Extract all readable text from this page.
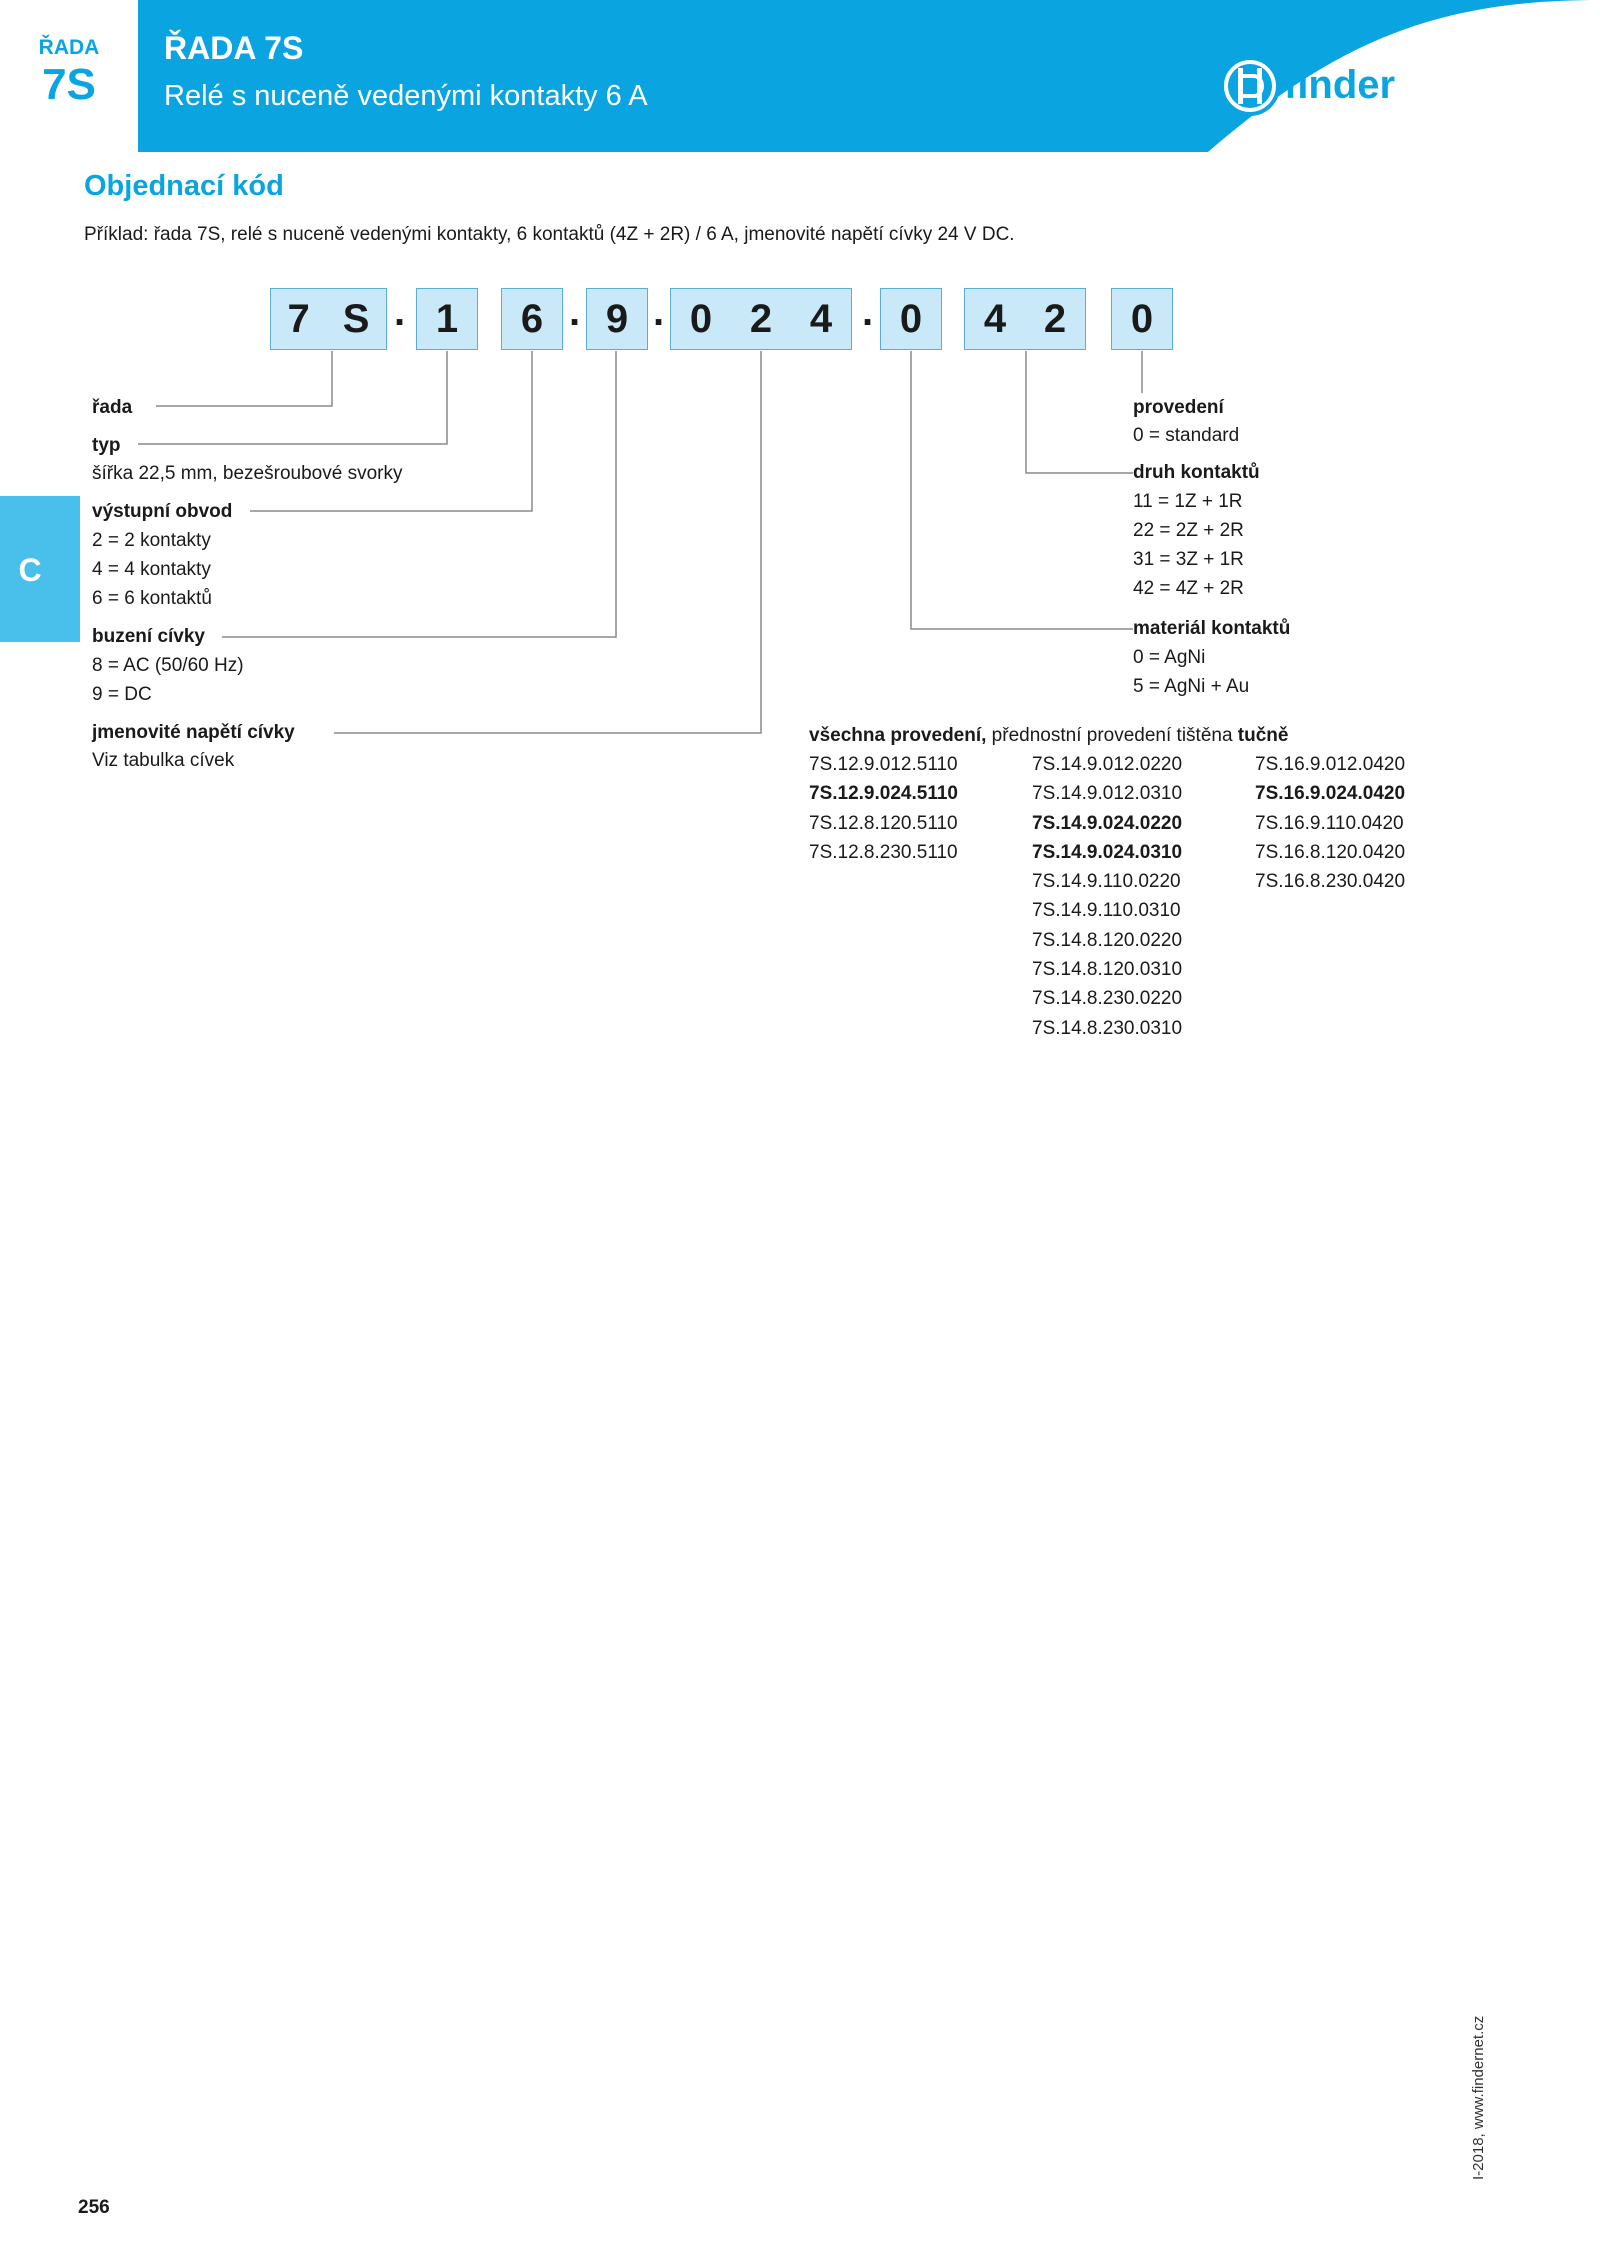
ŘADA
7S
ŘADA 7S
Relé s nuceně vedenými kontakty 6 A	finder
C
Objednací kód
Příklad: řada 7S, relé s nuceně vedenými kontakty, 6 kontaktů (4Z + 2R) / 6 A, jmenovité napětí cívky 24 V DC.
7 S . 1 6 . 9 . 0 2 4 . 0 4 2 0
řada
typ
šířka 22,5 mm, bezešroubové svorky
výstupní obvod
2 = 2 kontakty
4 = 4 kontakty
6 = 6 kontaktů
buzení cívky
8 = AC (50/60 Hz)
9 = DC
jmenovité napětí cívky
Viz tabulka cívek
provedení
0 = standard
druh kontaktů
11 = 1Z + 1R
22 = 2Z + 2R
31 = 3Z + 1R
42 = 4Z + 2R
materiál kontaktů
0 = AgNi
5 = AgNi + Au
všechna provedení, přednostní provedení tištěna tučně
7S.12.9.012.5110
7S.12.9.024.5110
7S.12.8.120.5110
7S.12.8.230.5110
7S.14.9.012.0220
7S.14.9.012.0310
7S.14.9.024.0220
7S.14.9.024.0310
7S.14.9.110.0220
7S.14.9.110.0310
7S.14.8.120.0220
7S.14.8.120.0310
7S.14.8.230.0220
7S.14.8.230.0310
7S.16.9.012.0420
7S.16.9.024.0420
7S.16.9.110.0420
7S.16.8.120.0420
7S.16.8.230.0420
256
I-2018, www.findernet.cz
